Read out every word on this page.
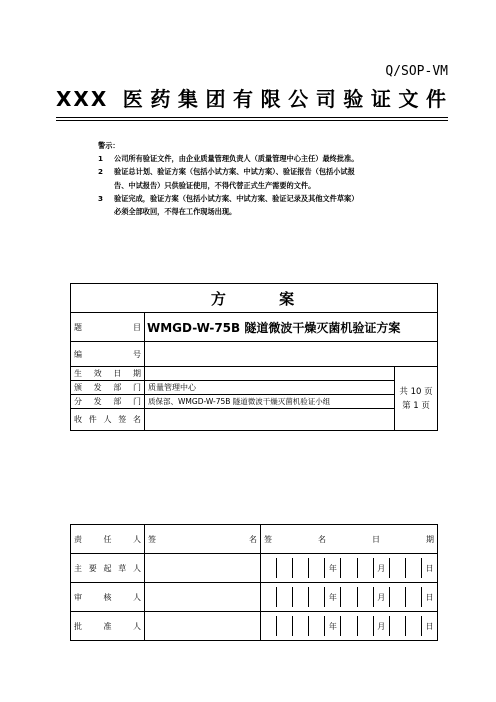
Q/SOP-VM
XXX 医药集团有限公司验证文件
警示：
1	公司所有验证文件，由企业质量管理负责人（质量管理中心主任）最终批准。
2	验证总计划、验证方案（包括小试方案、中试方案）、验证报告（包括小试报
告、中试报告）只供验证使用，不得代替正式生产需要的文件。
3	验证完成，验证方案（包括小试方案、中试方案、验证记录及其他文件草案）
必须全部收回，不得在工作现场出现。
方 案		
题　　目	WMGD-W-75B 隧道微波干燥灭菌机验证方案	
编　　号		
生效日期		共 10 页
第 1 页

颁发部门	质量管理中心	
分发部门	质保部、WMGD-W-75B 隧道微波干燥灭菌机验证小组	
收件人签名		
责　　任　　人	签　　　　　　　　名	签　　名　　日　　期
主要起草人		年 月 日

审　核　人		年 月 日

批　准　人		年 月 日
